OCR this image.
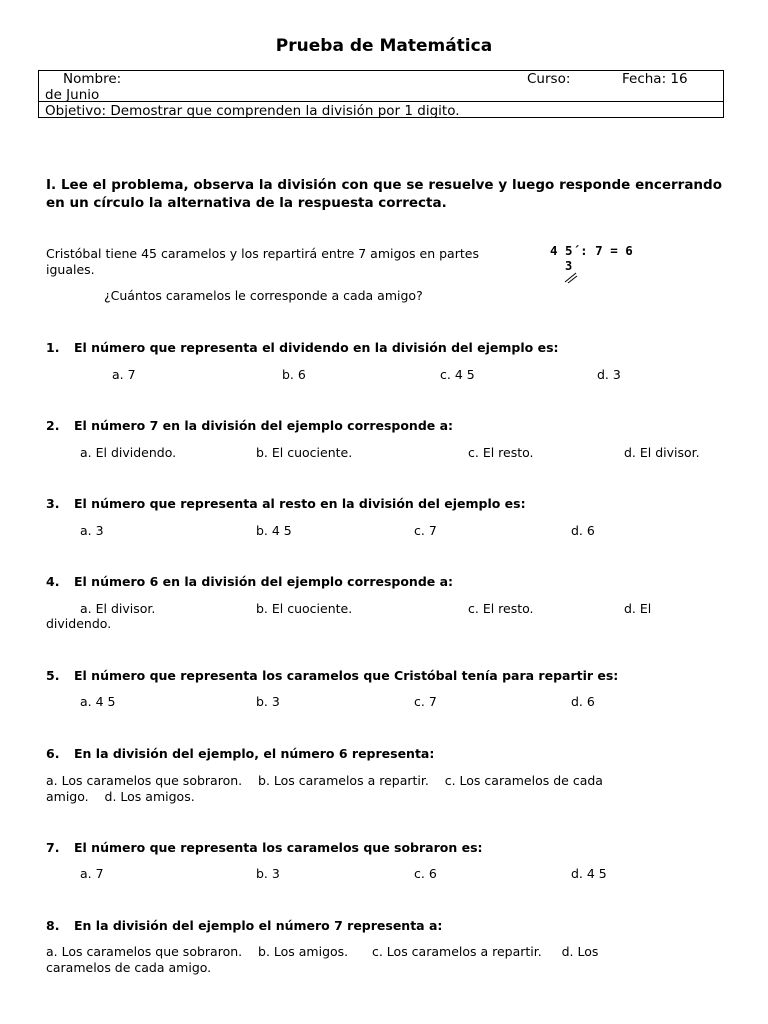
Prueba de Matemática
Nombre:	Curso:	Fecha: 16
de Junio
Objetivo: Demostrar que comprenden la división por 1 digito.
I. Lee el problema, observa la división con que se resuelve y luego responde encerrando en un círculo la alternativa de la respuesta correcta.
Cristóbal tiene 45 caramelos y los repartirá entre 7 amigos en partes
iguales.
¿Cuántos caramelos le corresponde a cada amigo?
4 5´: 7 = 6
3
1. El número que representa el dividendo en la división del ejemplo es:
a. 7	b. 6	c. 4 5	d. 3
2. El número 7 en la división del ejemplo corresponde a:
a. El dividendo.	b. El cuociente.	c. El resto.	d. El divisor.
3. El número que representa al resto en la división del ejemplo es:
a. 3	b. 4 5	c. 7	d. 6
4. El número 6 en la división del ejemplo corresponde a:
a. El divisor.	b. El cuociente.	c. El resto.	d. El
dividendo.
5. El número que representa los caramelos que Cristóbal tenía para repartir es:
a. 4 5	b. 3	c. 7	d. 6
6. En la división del ejemplo, el número 6 representa:
a. Los caramelos que sobraron.    b. Los caramelos a repartir.    c. Los caramelos de cada
amigo.    d. Los amigos.
7. El número que representa los caramelos que sobraron es:
a. 7	b. 3	c. 6	d. 4 5
8. En la división del ejemplo el número 7 representa a:
a. Los caramelos que sobraron.    b. Los amigos.      c. Los caramelos a repartir.     d. Los
caramelos de cada amigo.
